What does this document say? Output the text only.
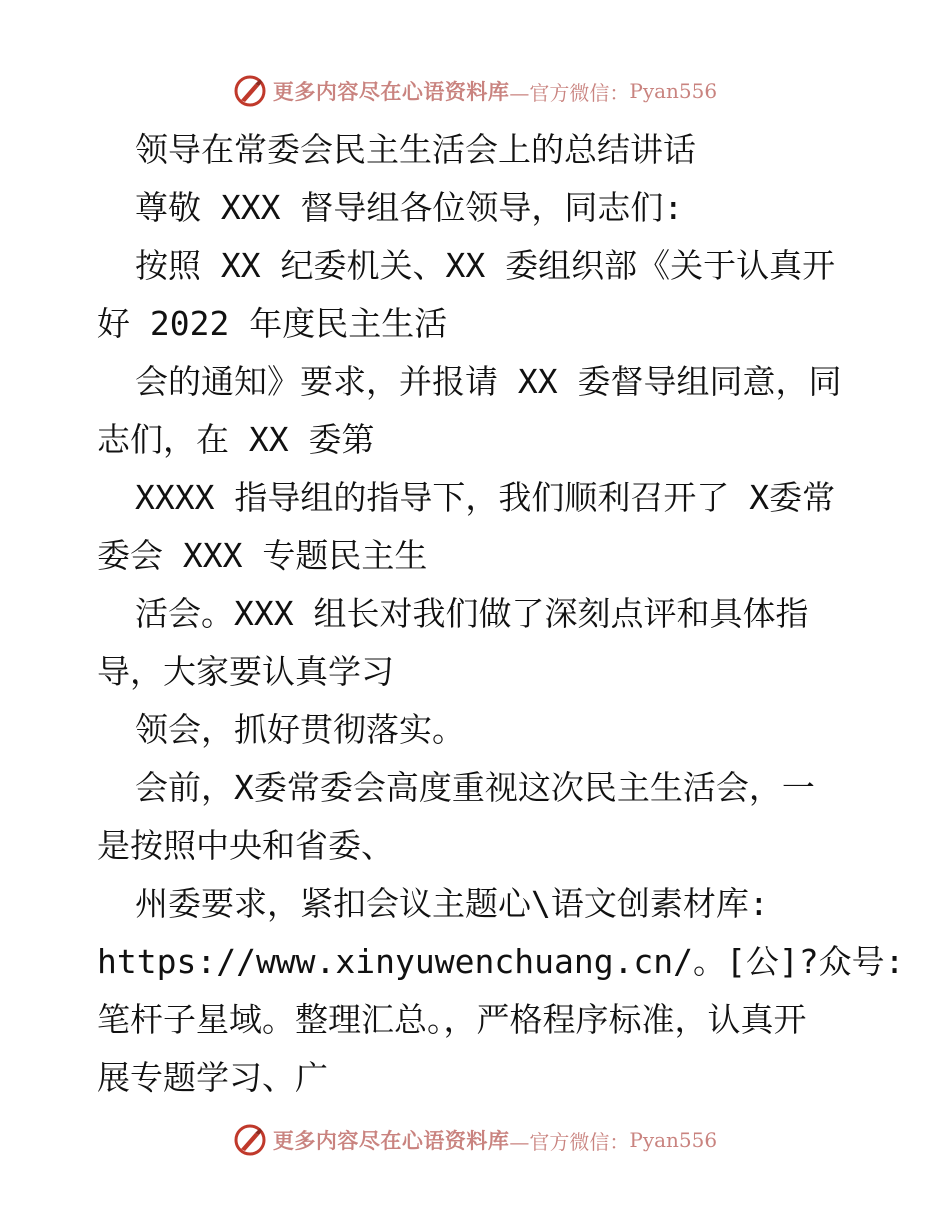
更多内容尽在心语资料库 —官方微信： Pyan556
领导在常委会民主生活会上的总结讲话
尊敬 XXX 督导组各位领导，同志们:
按照 XX 纪委机关、XX 委组织部《关于认真开
好 2022 年度民主生活
会的通知》要求，并报请 XX 委督导组同意，同
志们，在 XX 委第
XXXX 指导组的指导下，我们顺利召开了 X委常
委会 XXX 专题民主生
活会。XXX 组长对我们做了深刻点评和具体指
导，大家要认真学习
领会，抓好贯彻落实。
会前，X委常委会高度重视这次民主生活会，一
是按照中央和省委、
州委要求，紧扣会议主题心\语文创素材库:
https://www.xinyuwenchuang.cn/。[公]?众号:
笔杆子星域。整理汇总。，严格程序标准，认真开
展专题学习、广
更多内容尽在心语资料库 —官方微信： Pyan556
